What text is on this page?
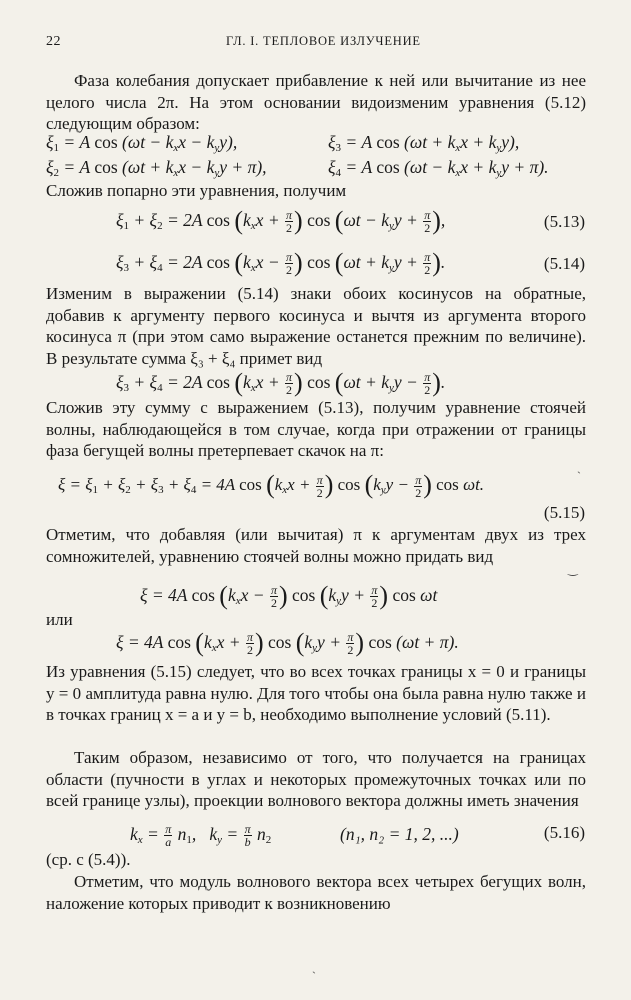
22	ГЛ. I. ТЕПЛОВОЕ ИЗЛУЧЕНИЕ
Фаза колебания допускает прибавление к ней или вычитание из нее целого числа 2π. На этом основании видоизменим уравнения (5.12) следующим образом:
$\xi_1 = A$ $\cos (\omega t - k_xx - k_yy)$,	$\xi_3 = A$ $\cos (\omega t + k_xx + k_yy)$,
$\xi_2 = A$ $\cos (\omega t + k_xx - k_yy + \pi)$,	$\xi_4 = A$ $\cos (\omega t - k_xx + k_yy + \pi)$.
Сложив попарно эти уравнения, получим
$\xi_1 + \xi_2 = 2A$ $\cos (k_xx + \frac{\pi}{2}$ ) $\cos (\omega t - k_yy + \frac{\pi}{2}$ ),	(5.13)
$\xi_3 + \xi_4 = 2A$ $\cos (k_xx - \frac{\pi}{2}$ ) $\cos (\omega t + k_yy + \frac{\pi}{2}$ ).	(5.14)
Изменим в выражении (5.14) знаки обоих косинусов на обратные, добавив к аргументу первого косинуса и вычтя из аргумента второго косинуса π (при этом само выражение останется прежним по величине). В результате сумма ξ₃ + ξ₄ примет вид
$\xi_3 + \xi_4 = 2A$ $\cos (k_xx + \frac{\pi}{2}$ ) $\cos (\omega t + k_yy - \frac{\pi}{2}$ ).
Сложив эту сумму с выражением (5.13), получим уравнение стоячей волны, наблюдающейся в том случае, когда при отражении от границы фаза бегущей волны претерпевает скачок на π:
$\xi = \xi_1 + \xi_2 + \xi_3 + \xi_4 = 4A$ $\cos (k_xx + \frac{\pi}{2}$ ) $\cos (k_yy - \frac{\pi}{2}$ ) cos ωt.
(5.15)
Отметим, что добавляя (или вычитая) π к аргументам двух из трех сомножителей, уравнению стоячей волны можно придать вид
ξ = 4A $\cos (k_xx - \frac{\pi}{2}$ ) $\cos (k_yy + \frac{\pi}{2}$ ) cos ωt
или
ξ = 4A $\cos (k_xx + \frac{\pi}{2}$ ) $\cos (k_yy + \frac{\pi}{2}$ ) cos (ωt + π).
Из уравнения (5.15) следует, что во всех точках границы x = 0 и границы y = 0 амплитуда равна нулю. Для того чтобы она была равна нулю также и в точках границ x = a и y = b, необходимо выполнение условий (5.11).
Таким образом, независимо от того, что получается на границах области (пучности в углах и некоторых промежуточных точках или по всей границе узлы), проекции волнового вектора должны иметь значения
$k_x = \frac{\pi}{a} n_1$,   $k_y = \frac{\pi}{b} n_2$	(n₁, n₂ = 1, 2, ...)	(5.16)
(ср. с (5.4)).
Отметим, что модуль волнового вектора всех четырех бегущих волн, наложение которых приводит к возникновению
ˏ
‿
ˏ
